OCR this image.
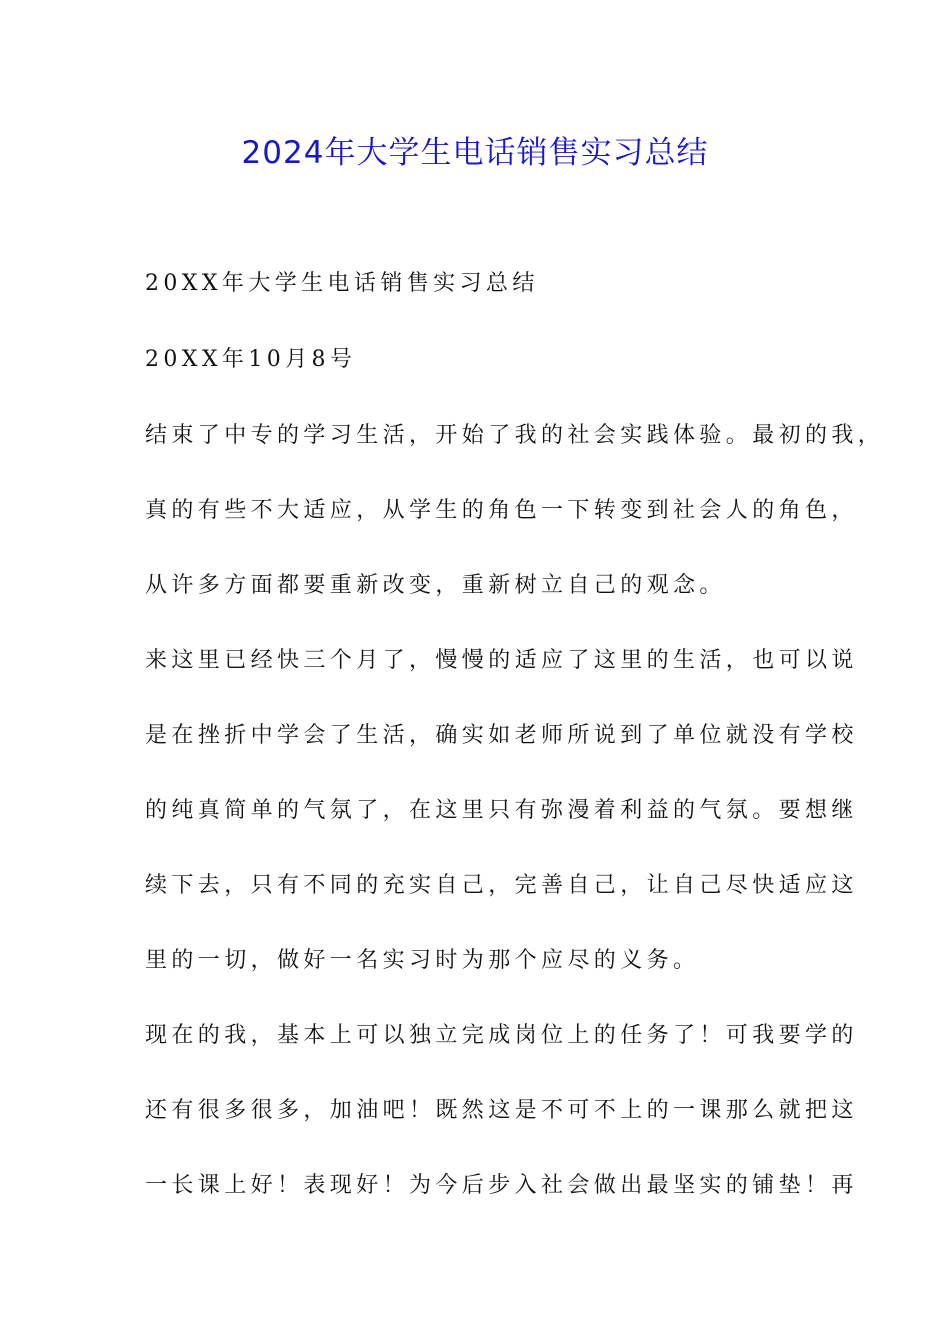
2024年大学生电话销售实习总结
20XX年大学生电话销售实习总结
20XX年10月8号
结束了中专的学习生活，开始了我的社会实践体验。最初的我，
真的有些不大适应，从学生的角色一下转变到社会人的角色，
从许多方面都要重新改变，重新树立自己的观念。
来这里已经快三个月了，慢慢的适应了这里的生活，也可以说
是在挫折中学会了生活，确实如老师所说到了单位就没有学校
的纯真简单的气氛了，在这里只有弥漫着利益的气氛。要想继
续下去，只有不同的充实自己，完善自己，让自己尽快适应这
里的一切，做好一名实习时为那个应尽的义务。
现在的我，基本上可以独立完成岗位上的任务了！可我要学的
还有很多很多，加油吧！既然这是不可不上的一课那么就把这
一长课上好！表现好！为今后步入社会做出最坚实的铺垫！再
